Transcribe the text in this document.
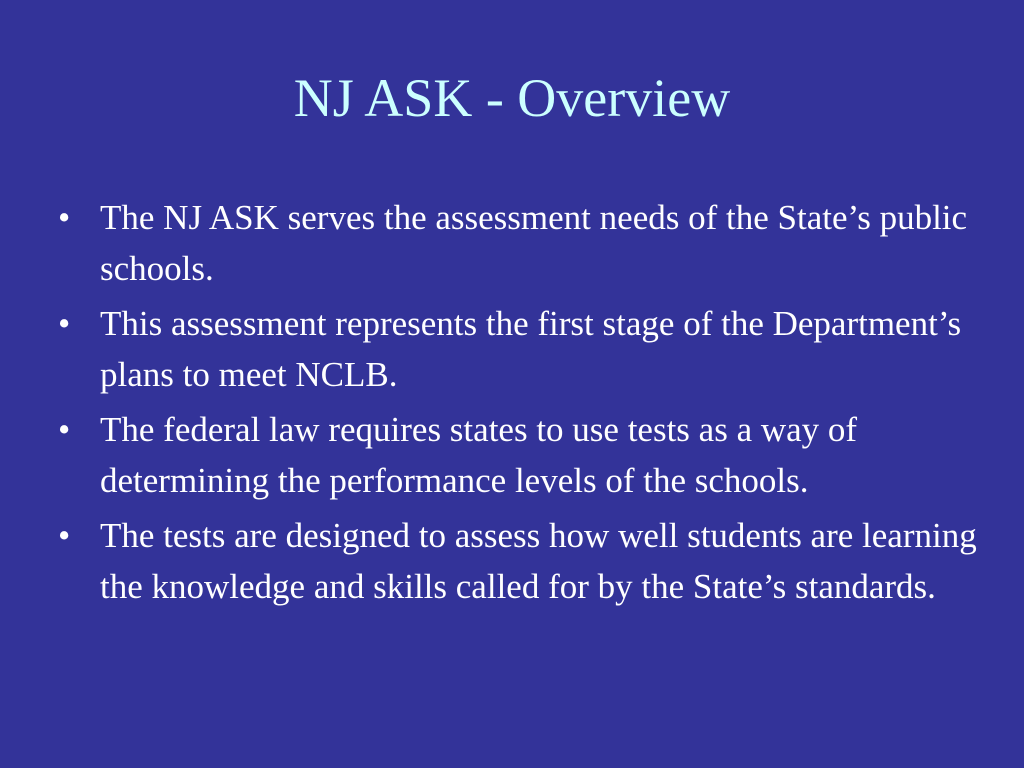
NJ ASK - Overview
• The NJ ASK serves the assessment needs of the State’s public schools.
• This assessment represents the first stage of the Department’s plans to meet NCLB.
• The federal law requires states to use tests as a way of determining the performance levels of the schools.
• The tests are designed to assess how well students are learning the knowledge and skills called for by the State’s standards.
